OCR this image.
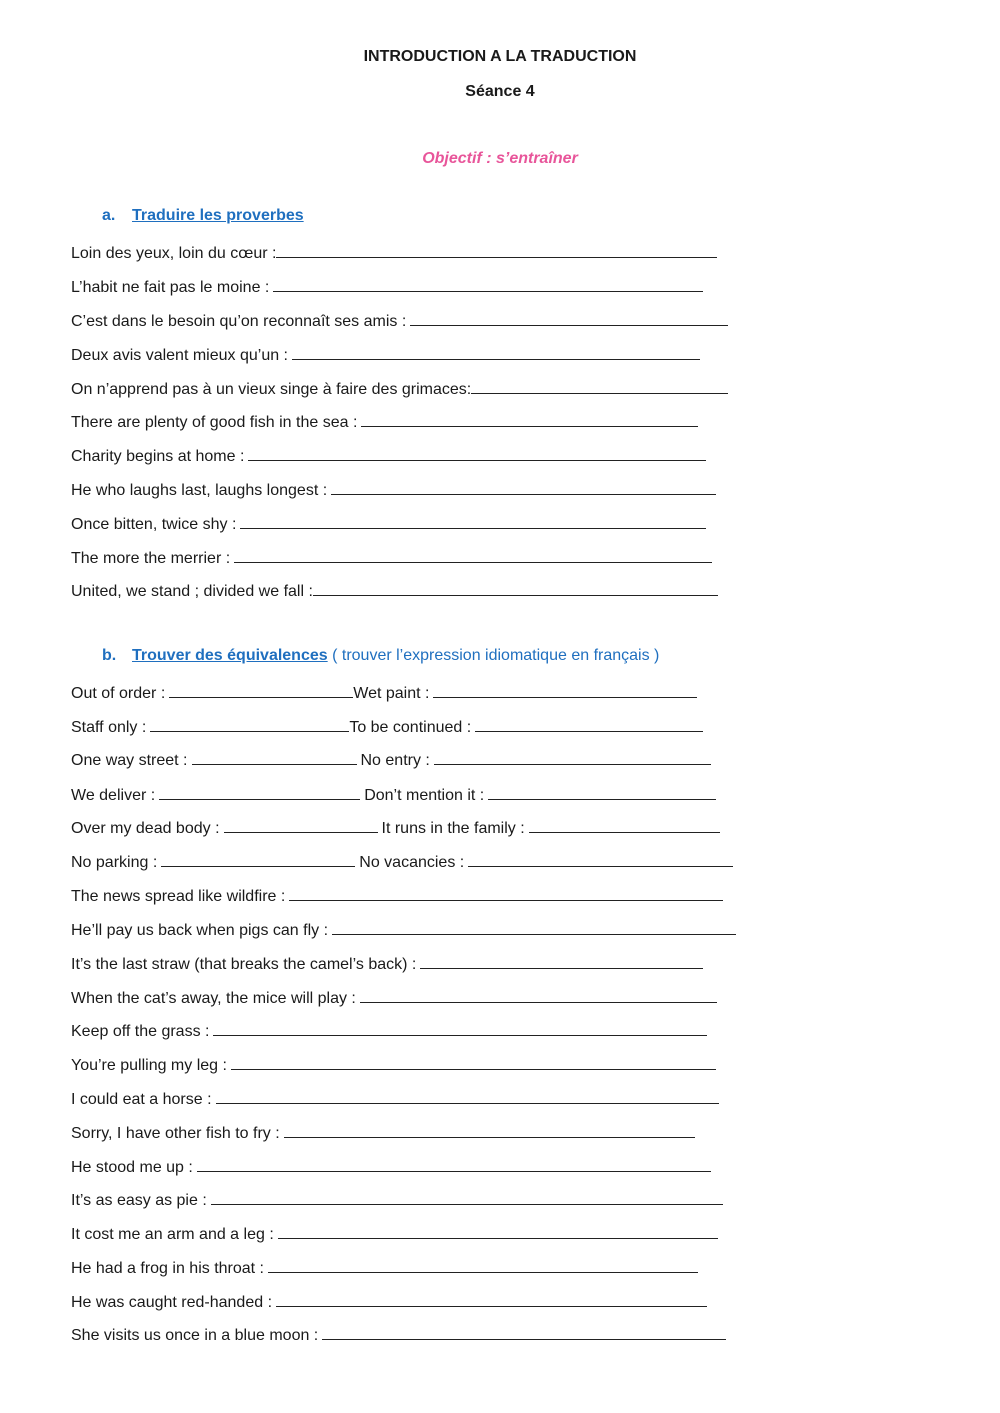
INTRODUCTION A LA TRADUCTION
Séance 4
Objectif : s’entraîner
a. Traduire les proverbes
Loin des yeux, loin du cœur :
L’habit ne fait pas le moine :
C’est dans le besoin qu’on reconnaît ses amis :
Deux avis valent mieux qu’un :
On n’apprend pas à un vieux singe à faire des grimaces:
There are plenty of good fish in the sea :
Charity begins at home :
He who laughs last, laughs longest :
Once bitten, twice shy :
The more the merrier :
United, we stand ; divided we fall :
b. Trouver des équivalences ( trouver l’expression idiomatique en français )
Out of order :	Wet paint :
Staff only :	To be continued :
One way street :	No entry :
We deliver :	Don’t mention it :
Over my dead body :	It runs in the family :
No parking :	No vacancies :
The news spread like wildfire :
He’ll pay us back when pigs can fly :
It’s the last straw (that breaks the camel’s back) :
When the cat’s away, the mice will play :
Keep off the grass :
You’re pulling my leg :
I could eat a horse :
Sorry, I have other fish to fry :
He stood me up :
It’s as easy as pie :
It cost me an arm and a leg :
He had a frog in his throat :
He was caught red-handed :
She visits us once in a blue moon :
